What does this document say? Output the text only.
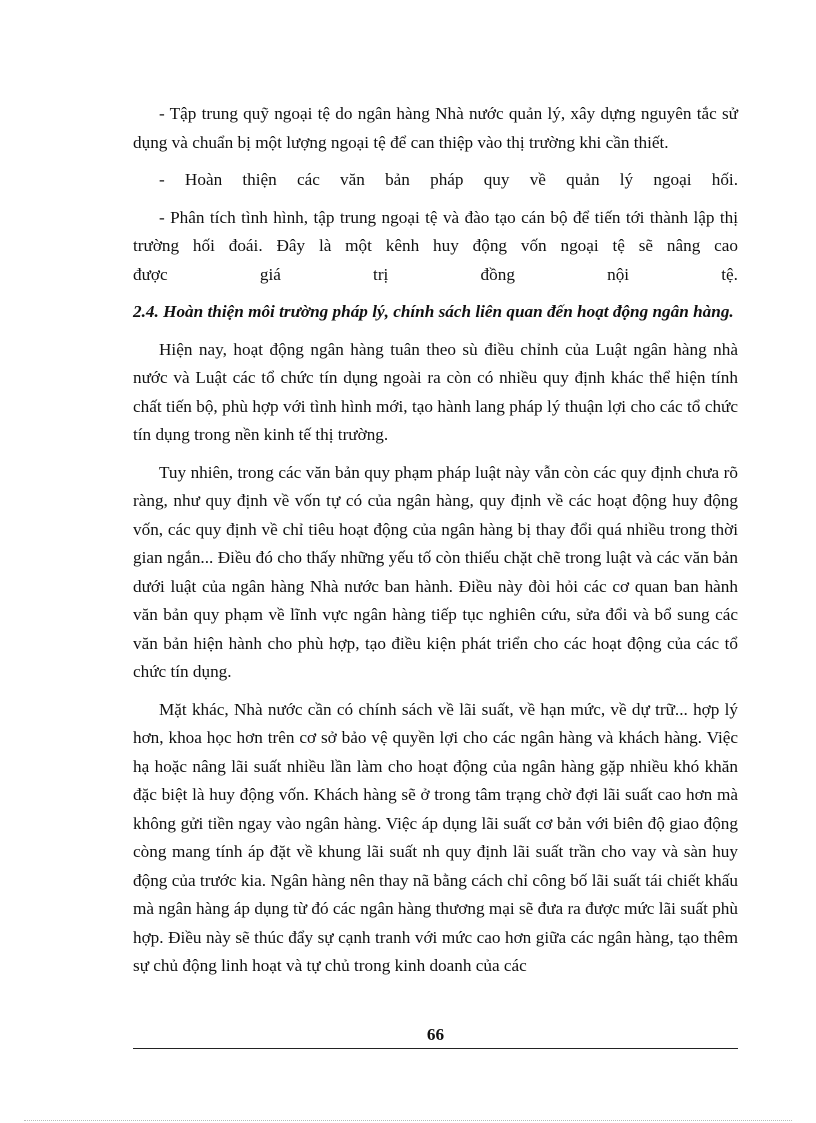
- Tập trung quỹ ngoại tệ do ngân hàng Nhà nước quản lý, xây dựng nguyên tắc sử dụng và chuẩn bị một lượng ngoại tệ để can thiệp vào thị trường khi cần thiết.

- Hoàn thiện các văn bản pháp quy về quản lý ngoại hối.

- Phân tích tình hình, tập trung ngoại tệ và đào tạo cán bộ để tiến tới thành lập thị trường hối đoái. Đây là một kênh huy động vốn ngoại tệ sẽ nâng cao

được	giá	trị	đồng	nội	tệ.
2.4. Hoàn thiện môi trường pháp lý, chính sách liên quan đến hoạt động ngân hàng.

Hiện nay, hoạt động ngân hàng tuân theo sù điều chỉnh của Luật ngân hàng nhà nước và Luật các tổ chức tín dụng ngoài ra còn có nhiều quy định khác thể hiện tính chất tiến bộ, phù hợp với tình hình mới, tạo hành lang pháp lý thuận lợi cho các tổ chức tín dụng trong nền kinh tế thị trường.

Tuy nhiên, trong các văn bản quy phạm pháp luật này vẫn còn các quy định chưa rõ ràng, như quy định về vốn tự có của ngân hàng, quy định về các hoạt động huy động vốn, các quy định về chỉ tiêu hoạt động của ngân hàng bị thay đổi quá nhiều trong thời gian ngắn... Điều đó cho thấy những yếu tố còn thiếu chặt chẽ trong luật và các văn bản dưới luật của ngân hàng Nhà nước ban hành. Điều này đòi hỏi các cơ quan ban hành văn bản quy phạm về lĩnh vực ngân hàng tiếp tục nghiên cứu, sửa đổi và bổ sung các văn bản hiện hành cho phù hợp, tạo điều kiện phát triển cho các hoạt động của các tổ chức tín dụng.

Mặt khác, Nhà nước cần có chính sách về lãi suất, về hạn mức, về dự trữ... hợp lý hơn, khoa học hơn trên cơ sở bảo vệ quyền lợi cho các ngân hàng và khách hàng. Việc hạ hoặc nâng lãi suất nhiều lần làm cho hoạt động của ngân hàng gặp nhiều khó khăn đặc biệt là huy động vốn. Khách hàng sẽ ở trong tâm trạng chờ đợi lãi suất cao hơn mà không gửi tiền ngay vào ngân hàng. Việc áp dụng lãi suất cơ bản với biên độ giao động còng mang tính áp đặt về khung lãi suất nh quy định lãi suất trần cho vay và sàn huy động của trước kia. Ngân hàng nên thay nã bằng cách chỉ công bố lãi suất tái chiết khấu mà ngân hàng áp dụng từ đó các ngân hàng thương mại sẽ đưa ra được mức lãi suất phù hợp. Điều này sẽ thúc đẩy sự cạnh tranh với mức cao hơn giữa các ngân hàng, tạo thêm sự chủ động linh hoạt và tự chủ trong kinh doanh của các

66
